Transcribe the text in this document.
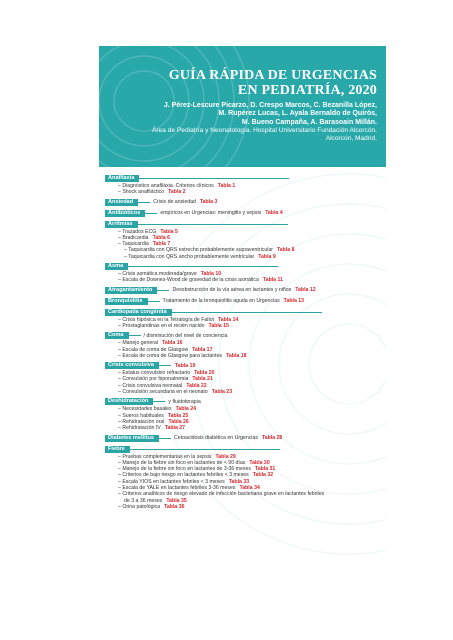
GUÍA RÁPIDA DE URGENCIAS
EN PEDIATRÍA, 2020
J. Pérez-Lescure Picarzo, D. Crespo Marcos, C. Bezanilla López,
M. Rupérez Lucas, L. Ayala Bernaldo de Quirós,
M. Bueno Campaña, A. Barasoain Millán.
Área de Pediatría y Neonatología. Hospital Universitario Fundación Alcorcón.
Alcorcón, Madrid.
Anafilaxia
– Diagnóstico anafiláxia. Criterios clínicos Tabla 1
– Shock anafiláctico Tabla 2
Ansiedad	Crisis de ansiedad Tabla 3
Antibióticos	empíricos en Urgencias: meningitis y sepsis Tabla 4
Arritmias
– Trazados ECG Tabla 5
– Bradicardia Tabla 6
– Taquicardia Tabla 7
– Taquicardia con QRS estrecho probablemente supraventricular Tabla 8
– Taquicardia con QRS ancho probablemente ventricular Tabla 9
Asma
– Crisis asmática moderada/grave Tabla 10
– Escala de Downes-Wood de gravedad de la crisis asmática Tabla 11
Atragantamiento	Desobstrucción de la vía aérea en lactantes y niños Tabla 12
Bronquiolitis	Tratamiento de la bronquiolitis aguda en Urgencias Tabla 13
Cardiopatía congénita
– Crisis hipóxica en la Tetralogía de Fallot Tabla 14
– Prostaglandinas en el recién nacido Tabla 15
Coma	/ disminución del nivel de conciencia
– Manejo general Tabla 16
– Escala de coma de Glasgow Tabla 17
– Escala de coma de Glasgow para lactantes Tabla 18
Crisis convulsiva	Tabla 19
– Estatus convulsivo refractario Tabla 20
– Convulsión por hiponatremia Tabla 21
– Crisis convulsiva neonatal Tabla 22
– Convulsión secundaria en el neonato Tabla 23
Deshidratación	y fluidoterapia
– Necesidades basales Tabla 24
– Sueros habituales Tabla 25
– Rehidratación oral Tabla 26
– Rehidratación IV Tabla 27
Diabetes mellitus	Cetoacidosis diabética en Urgencias Tabla 28
Fiebre
– Pruebas complementarias en la sepsis Tabla 29
– Manejo de la fiebre sin foco en lactantes de < 90 días Tabla 30
– Manejo de la fiebre sin foco en lactantes de 3-36 meses Tabla 31
– Criterios de bajo riesgo en lactantes febriles < 3 meses Tabla 32
– Escala YIOS en lactantes febriles < 3 meses Tabla 33
– Escala de YALE en lactantes febriles 3-36 meses Tabla 34
– Criterios analíticos de riesgo elevado de infección bacteriana grave en lactantes febriles
de 3 a 36 meses Tabla 35
– Orina patológica Tabla 36
